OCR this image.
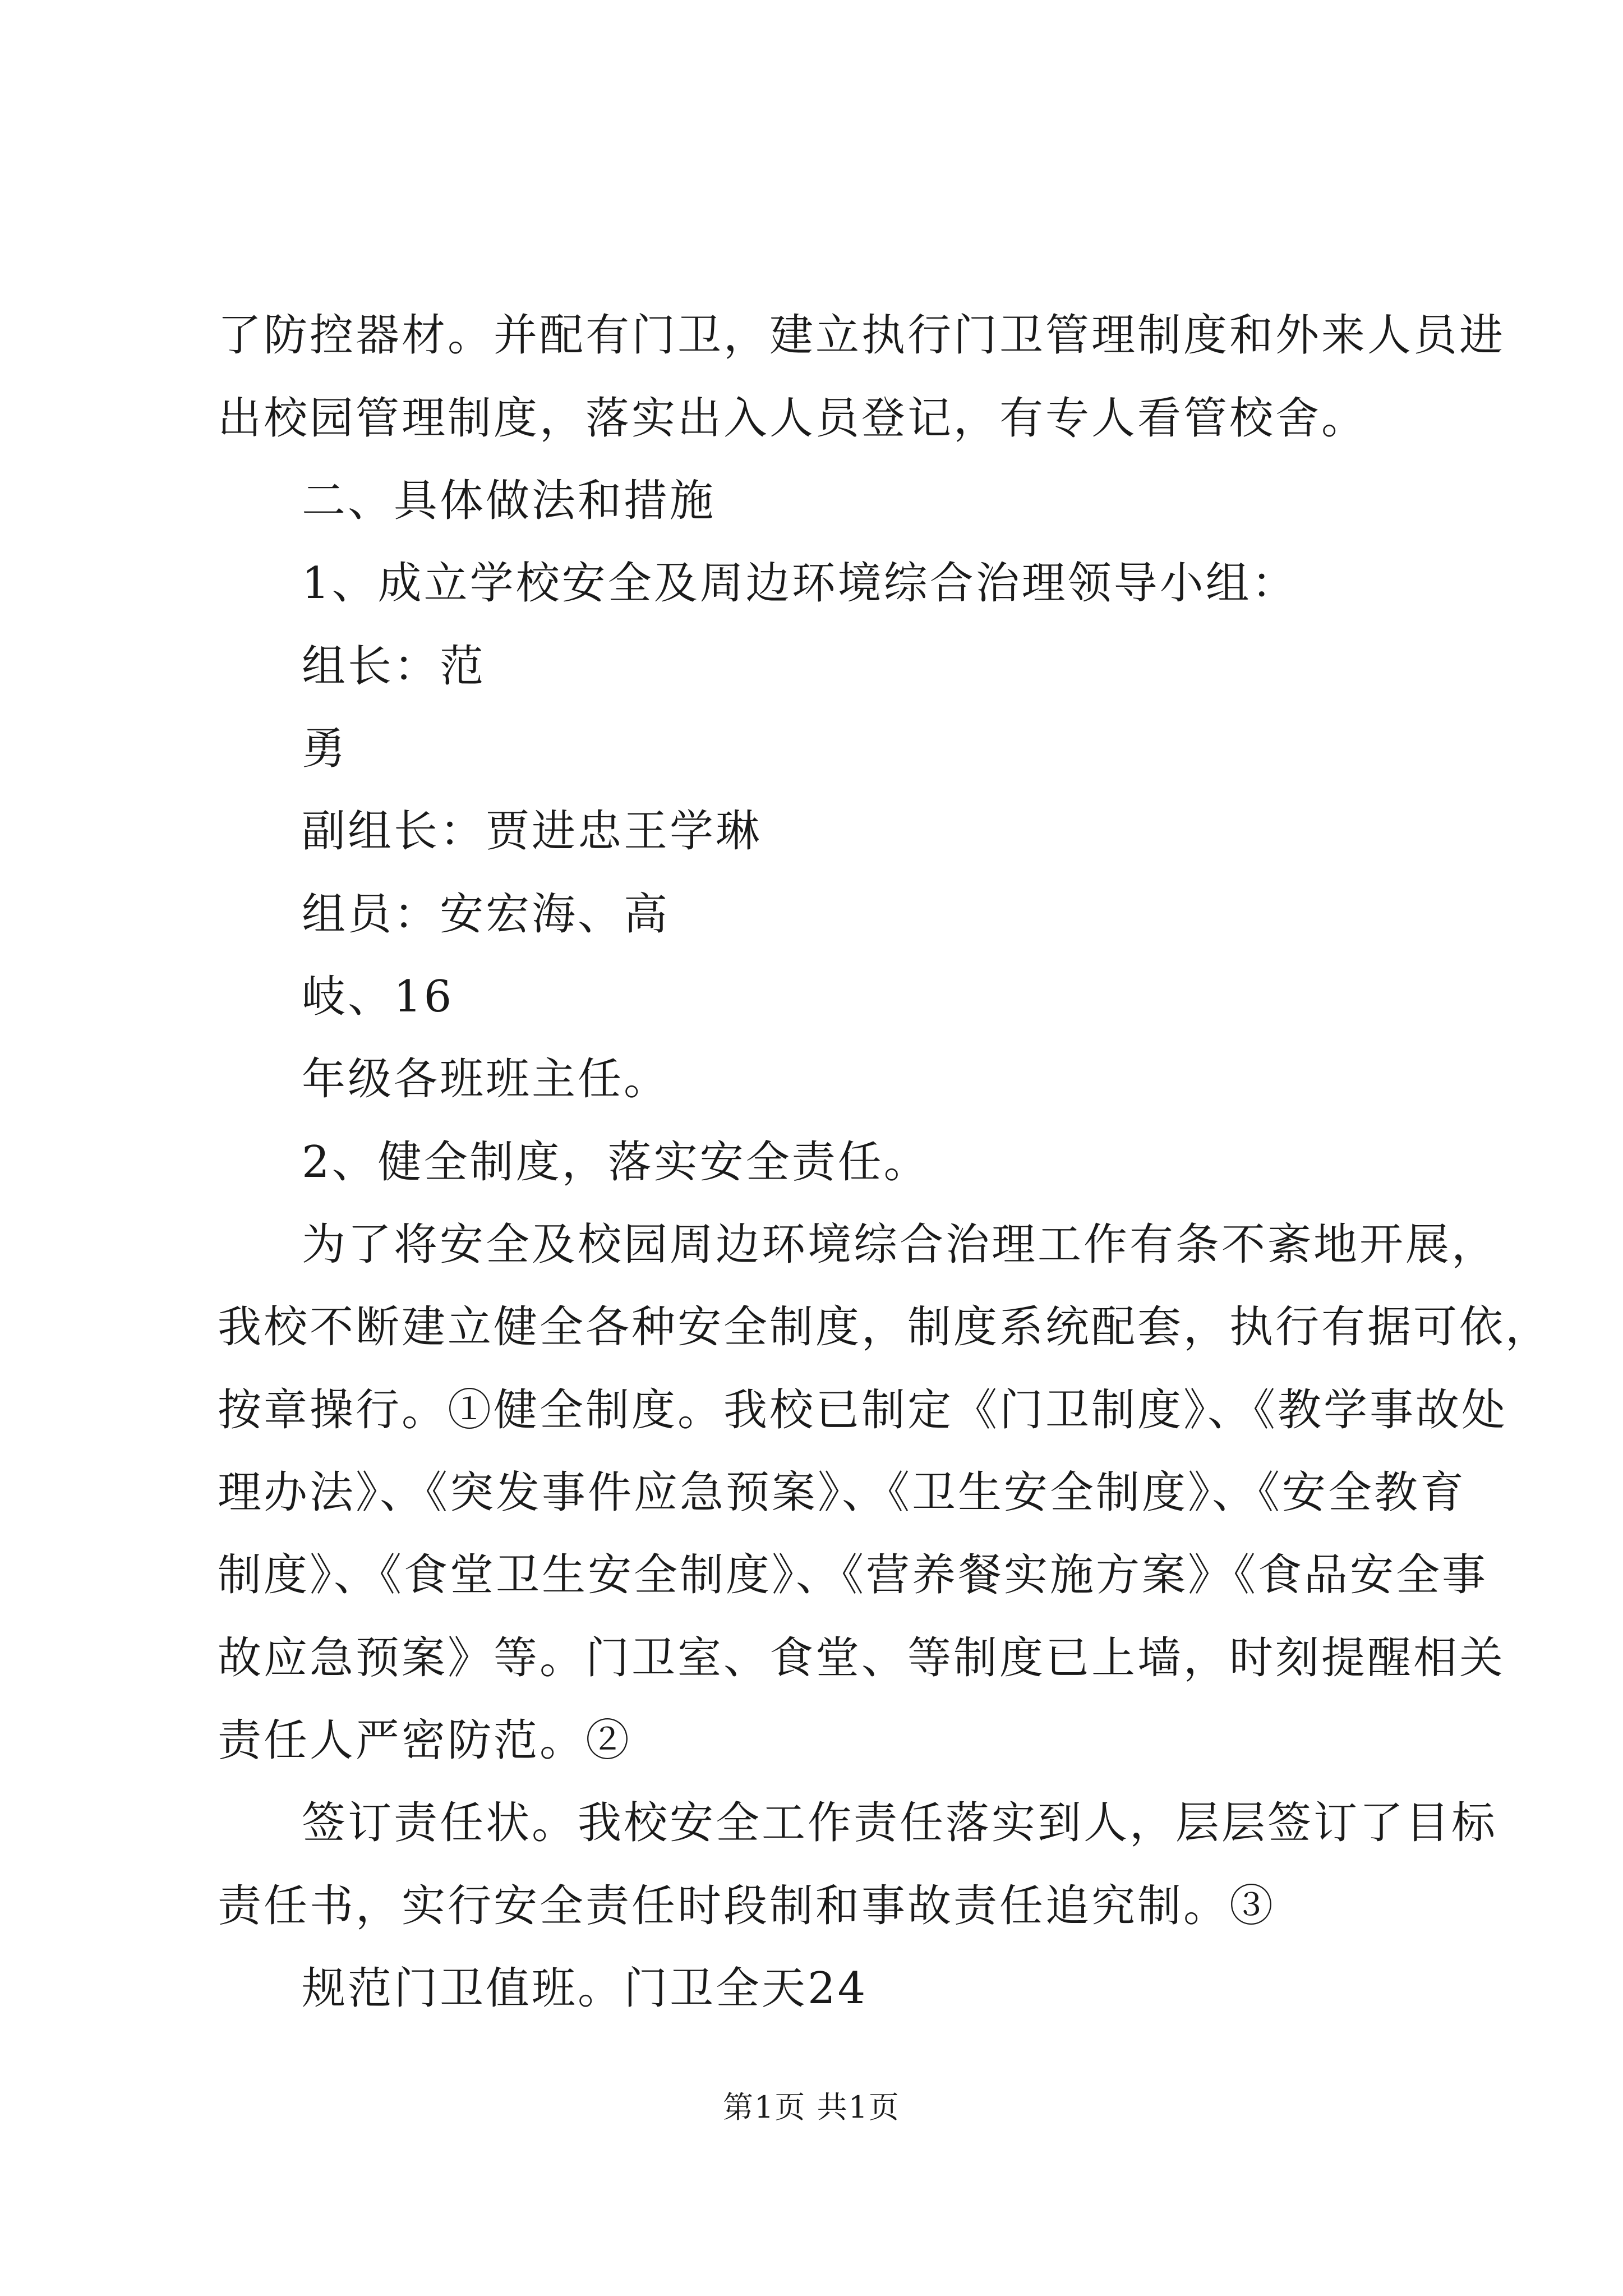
了防控器材。并配有门卫，建立执行门卫管理制度和外来人员进
出校园管理制度，落实出入人员登记，有专人看管校舍。
二、具体做法和措施
1、成立学校安全及周边环境综合治理领导小组：
组长：范
勇
副组长：贾进忠王学琳
组员：安宏海、高
岐、16
年级各班班主任。
2、健全制度，落实安全责任。
为了将安全及校园周边环境综合治理工作有条不紊地开展，
我校不断建立健全各种安全制度，制度系统配套，执行有据可依，
按章操行。①健全制度。我校已制定《门卫制度》、《教学事故处
理办法》、《突发事件应急预案》、《卫生安全制度》、《安全教育
制度》、《食堂卫生安全制度》、《营养餐实施方案》《食品安全事
故应急预案》等。门卫室、食堂、等制度已上墙，时刻提醒相关
责任人严密防范。②
签订责任状。我校安全工作责任落实到人，层层签订了目标
责任书，实行安全责任时段制和事故责任追究制。③
规范门卫值班。门卫全天24
第1页 共1页
